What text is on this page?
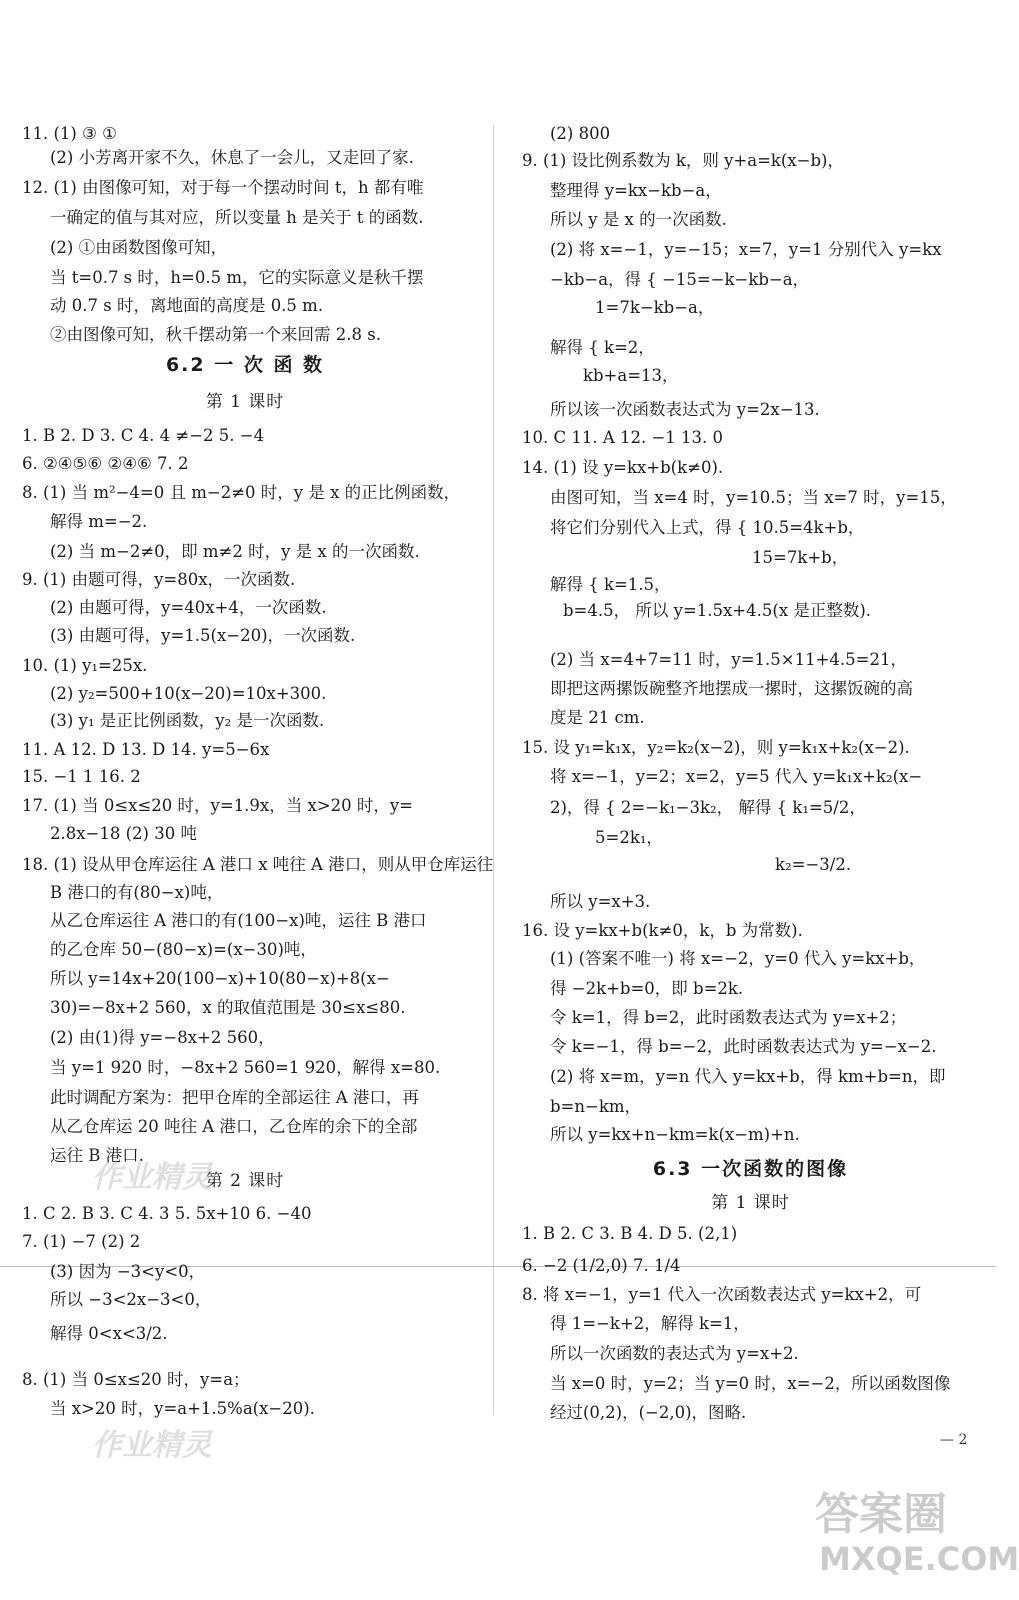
11. (1) ③ ①
(2) 小芳离开家不久，休息了一会儿，又走回了家.
12. (1) 由图像可知，对于每一个摆动时间 t，h 都有唯
一确定的值与其对应，所以变量 h 是关于 t 的函数.
(2) ①由函数图像可知，
当 t=0.7 s 时，h=0.5 m，它的实际意义是秋千摆
动 0.7 s 时，离地面的高度是 0.5 m.
②由图像可知，秋千摆动第一个来回需 2.8 s.
6.2 一 次 函 数
第 1 课时
1. B 2. D 3. C 4. 4 ≠−2 5. −4
6. ②④⑤⑥ ②④⑥ 7. 2
8. (1) 当 m²−4=0 且 m−2≠0 时，y 是 x 的正比例函数，
解得 m=−2.
(2) 当 m−2≠0，即 m≠2 时，y 是 x 的一次函数.
9. (1) 由题可得，y=80x，一次函数.
(2) 由题可得，y=40x+4，一次函数.
(3) 由题可得，y=1.5(x−20)，一次函数.
10. (1) y₁=25x.
(2) y₂=500+10(x−20)=10x+300.
(3) y₁ 是正比例函数，y₂ 是一次函数.
11. A 12. D 13. D 14. y=5−6x
15. −1 1 16. 2
17. (1) 当 0≤x≤20 时，y=1.9x，当 x>20 时，y=
2.8x−18 (2) 30 吨
18. (1) 设从甲仓库运往 A 港口 x 吨往 A 港口，则从甲仓库运往
B 港口的有(80−x)吨，
从乙仓库运往 A 港口的有(100−x)吨，运往 B 港口
的乙仓库 50−(80−x)=(x−30)吨，
所以 y=14x+20(100−x)+10(80−x)+8(x−
30)=−8x+2 560，x 的取值范围是 30≤x≤80.
(2) 由(1)得 y=−8x+2 560，
当 y=1 920 时，−8x+2 560=1 920，解得 x=80.
此时调配方案为：把甲仓库的全部运往 A 港口，再
从乙仓库运 20 吨往 A 港口，乙仓库的余下的全部
运往 B 港口.
第 2 课时
1. C 2. B 3. C 4. 3 5. 5x+10 6. −40
7. (1) −7 (2) 2
(3) 因为 −3<y<0，
所以 −3<2x−3<0，
解得 0<x<3/2.
8. (1) 当 0≤x≤20 时，y=a；
当 x>20 时，y=a+1.5%a(x−20).
(2) 800
9. (1) 设比例系数为 k，则 y+a=k(x−b)，
整理得 y=kx−kb−a，
所以 y 是 x 的一次函数.
(2) 将 x=−1，y=−15；x=7，y=1 分别代入 y=kx
−kb−a，得 { −15=−k−kb−a，
1=7k−kb−a，
解得 { k=2，
kb+a=13，
所以该一次函数表达式为 y=2x−13.
10. C 11. A 12. −1 13. 0
14. (1) 设 y=kx+b(k≠0).
由图可知，当 x=4 时，y=10.5；当 x=7 时，y=15，
将它们分别代入上式，得 { 10.5=4k+b，
15=7k+b，
解得 { k=1.5，
b=4.5， 所以 y=1.5x+4.5(x 是正整数).
(2) 当 x=4+7=11 时，y=1.5×11+4.5=21，
即把这两摞饭碗整齐地摆成一摞时，这摞饭碗的高
度是 21 cm.
15. 设 y₁=k₁x，y₂=k₂(x−2)，则 y=k₁x+k₂(x−2).
将 x=−1，y=2；x=2，y=5 代入 y=k₁x+k₂(x−
2)，得 { 2=−k₁−3k₂， 解得 { k₁=5/2，
5=2k₁，
k₂=−3/2.
所以 y=x+3.
16. 设 y=kx+b(k≠0，k，b 为常数).
(1) (答案不唯一) 将 x=−2，y=0 代入 y=kx+b，
得 −2k+b=0，即 b=2k.
令 k=1，得 b=2，此时函数表达式为 y=x+2；
令 k=−1，得 b=−2，此时函数表达式为 y=−x−2.
(2) 将 x=m，y=n 代入 y=kx+b，得 km+b=n，即
b=n−km，
所以 y=kx+n−km=k(x−m)+n.
6.3 一次函数的图像
第 1 课时
1. B 2. C 3. B 4. D 5. (2,1)
6. −2 (1/2,0) 7. 1/4
8. 将 x=−1，y=1 代入一次函数表达式 y=kx+2，可
得 1=−k+2，解得 k=1，
所以一次函数的表达式为 y=x+2.
当 x=0 时，y=2；当 y=0 时，x=−2，所以函数图像
经过(0,2)，(−2,0)，图略.
— 2
作业精灵
作业精灵
答案圈
MXQE.COM
